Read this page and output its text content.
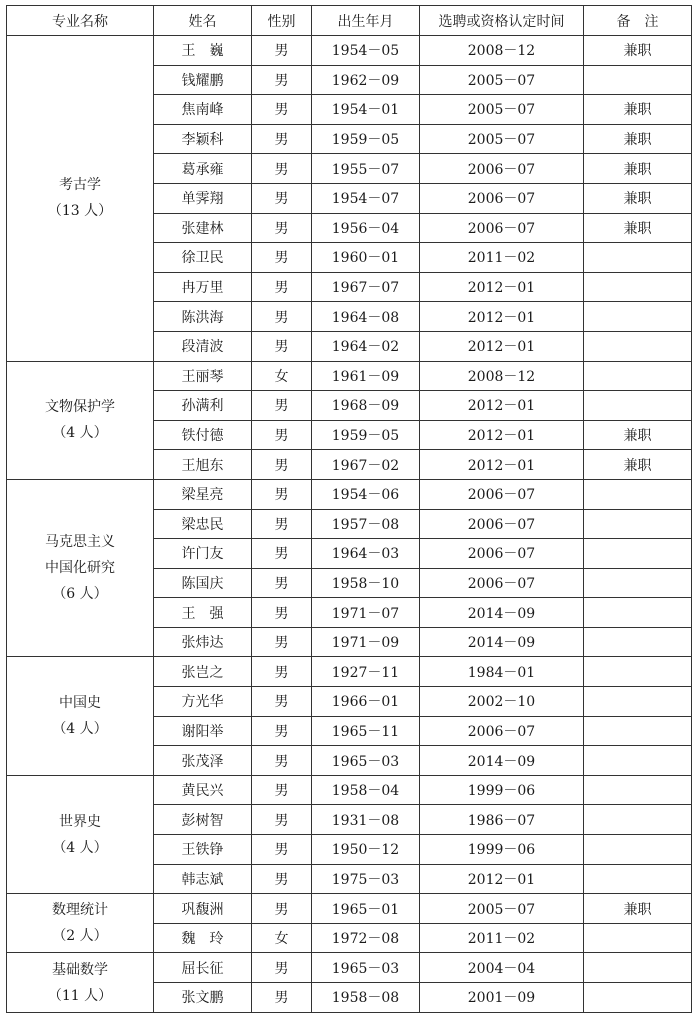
专业名称	姓名	性别	出生年月	选聘或资格认定时间	备　注

考古学
（13 人）	王　巍	男	1954－05	2008－12	兼职
	钱耀鹏	男	1962－09	2005－07	
	焦南峰	男	1954－01	2005－07	兼职
	李颖科	男	1959－05	2005－07	兼职
	葛承雍	男	1955－07	2006－07	兼职
	单霁翔	男	1954－07	2006－07	兼职
	张建林	男	1956－04	2006－07	兼职
	徐卫民	男	1960－01	2011－02	
	冉万里	男	1967－07	2012－01	
	陈洪海	男	1964－08	2012－01	
	段清波	男	1964－02	2012－01	

文物保护学
（4 人）	王丽琴	女	1961－09	2008－12	
	孙满利	男	1968－09	2012－01	
	铁付德	男	1959－05	2012－01	兼职
	王旭东	男	1967－02	2012－01	兼职

马克思主义
中国化研究
（6 人）	梁星亮	男	1954－06	2006－07	
	梁忠民	男	1957－08	2006－07	
	许门友	男	1964－03	2006－07	
	陈国庆	男	1958－10	2006－07	
	王　强	男	1971－07	2014－09	
	张炜达	男	1971－09	2014－09	

中国史
（4 人）	张岂之	男	1927－11	1984－01	
	方光华	男	1966－01	2002－10	
	谢阳举	男	1965－11	2006－07	
	张茂泽	男	1965－03	2014－09	

世界史
（4 人）	黄民兴	男	1958－04	1999－06	
	彭树智	男	1931－08	1986－07	
	王铁铮	男	1950－12	1999－06	
	韩志斌	男	1975－03	2012－01	

数理统计
（2 人）	巩馥洲	男	1965－01	2005－07	兼职
	魏　玲	女	1972－08	2011－02	

基础数学
（11 人）	屈长征	男	1965－03	2004－04	
	张文鹏	男	1958－08	2001－09	
